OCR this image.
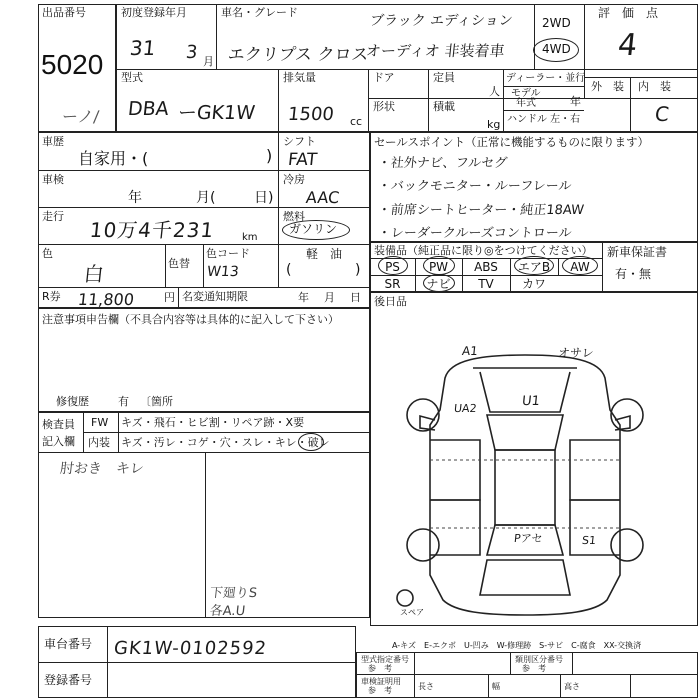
出品番号
5020
ーノ/
初度登録年月
31 3 月
車名・グレード
エクリプス クロス
ブラック エディション
オーディオ 非装着車
2WD
4WD
評　価　点
4
型式
DBA ーGK1W
排気量
1500 cc
ドア	定員
人
形状	積載
kg
ディーラー・並行
モデル
年式	年
ハンドル 左・右
外　装 内　装
C
車歴
自家用・(	)
車検
年	月(	日)
走行
10万4千231	km
色
白	色替
色コード
W13	(	)
シフト
FAT
冷房
AAC
燃料
ガソリン
軽　油
R券 11,800	円 名変通知期限	年 月 日
注意事項申告欄（不具合内容等は具体的に記入して下さい）
修復歴	有 〔箇所
検査員
記入欄
FW キズ・飛石・ヒビ割・リペア跡・X要
内装 キズ・汚レ・コゲ・穴・スレ・キレ・破レ
肘おき　キレ
下廻りS
各A.U
セールスポイント（正常に機能するものに限ります）
・社外ナビ、フルセグ
・バックモニター・ルーフレール
・前席シートヒーター・純正18AW
・レーダークルーズコントロール
装備品（純正品に限り◎をつけてください）
PS	PW	ABS	エアB	AW
SR	ナビ	TV	カワ
新車保証書
有・無
後日品
A1	オサレ
UA2	U1
Pアセ	S1
スペア
車台番号 GK1W-0102592
登録番号
A-キズ　E-エクボ　U-凹み　W-修理跡　S-サビ　C-腐食　XX-交換済
型式指定番号
参　考
類別区分番号
参　考
車検証明用
参　考	長さ	幅	高さ
